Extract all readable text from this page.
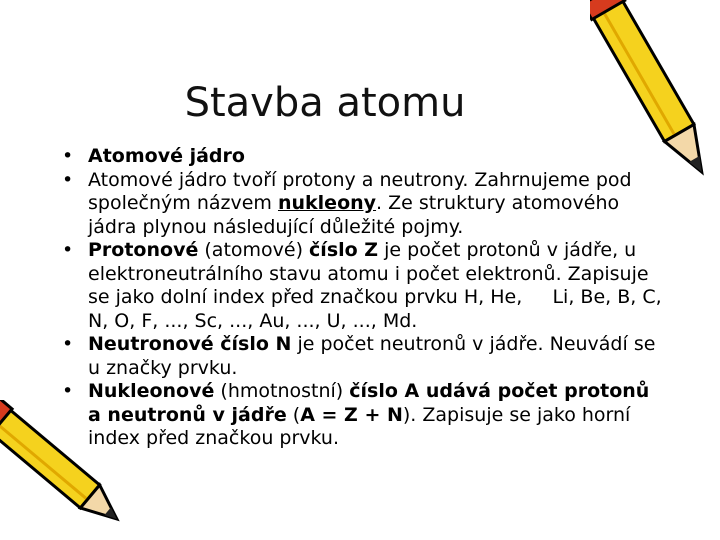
Stavba atomu
• Atomové jádro

• Atomové jádro tvoří protony a neutrony. Zahrnujeme pod společným názvem nukleony. Ze struktury atomového jádra plynou následující důležité pojmy.

• Protonové (atomové) číslo Z je počet protonů v jádře, u elektroneutrálního stavu atomu i počet elektronů. Zapisuje se jako dolní index před značkou prvku H, He,     Li, Be, B, C, N, O, F, ..., Sc, ..., Au, ..., U, ..., Md.

• Neutronové číslo N je počet neutronů v jádře. Neuvádí se u značky prvku.

• Nukleonové (hmotnostní) číslo A udává počet protonů a neutronů v jádře (A = Z + N). Zapisuje se jako horní index před značkou prvku.
